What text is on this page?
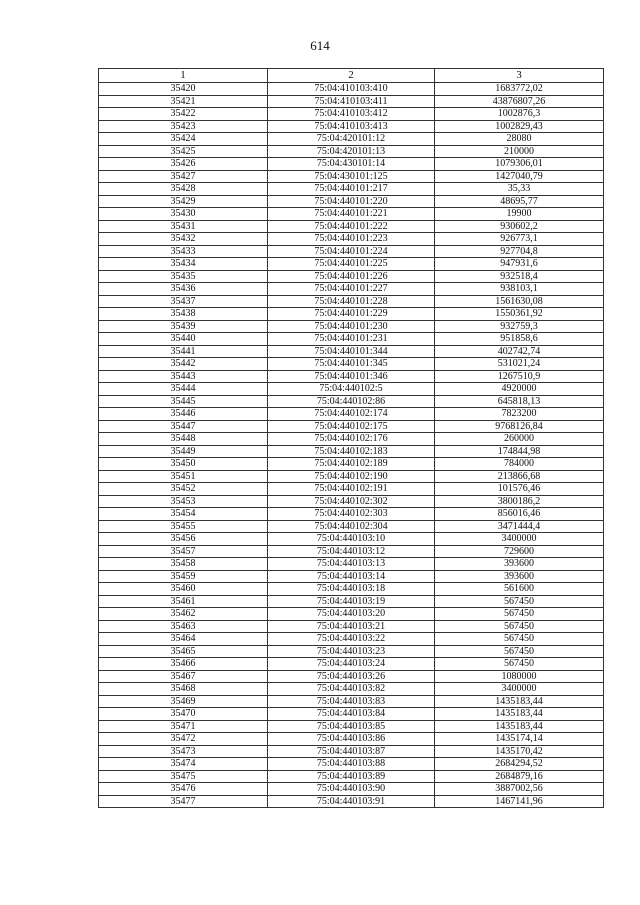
614
1	2	3
35420	75:04:410103:410	1683772,02
35421	75:04:410103:411	43876807,26
35422	75:04:410103:412	1002876,3
35423	75:04:410103:413	1002829,43
35424	75:04:420101:12	28080
35425	75:04:420101:13	210000
35426	75:04:430101:14	1079306,01
35427	75:04:430101:125	1427040,79
35428	75:04:440101:217	35,33
35429	75:04:440101:220	48695,77
35430	75:04:440101:221	19900
35431	75:04:440101:222	930602,2
35432	75:04:440101:223	926773,1
35433	75:04:440101:224	927704,8
35434	75:04:440101:225	947931,6
35435	75:04:440101:226	932518,4
35436	75:04:440101:227	938103,1
35437	75:04:440101:228	1561630,08
35438	75:04:440101:229	1550361,92
35439	75:04:440101:230	932759,3
35440	75:04:440101:231	951858,6
35441	75:04:440101:344	402742,74
35442	75:04:440101:345	531021,24
35443	75:04:440101:346	1267510,9
35444	75:04:440102:5	4920000
35445	75:04:440102:86	645818,13
35446	75:04:440102:174	7823200
35447	75:04:440102:175	9768126,84
35448	75:04:440102:176	260000
35449	75:04:440102:183	174844,98
35450	75:04:440102:189	784000
35451	75:04:440102:190	213866,68
35452	75:04:440102:191	101576,46
35453	75:04:440102:302	3800186,2
35454	75:04:440102:303	856016,46
35455	75:04:440102:304	3471444,4
35456	75:04:440103:10	3400000
35457	75:04:440103:12	729600
35458	75:04:440103:13	393600
35459	75:04:440103:14	393600
35460	75:04:440103:18	561600
35461	75:04:440103:19	567450
35462	75:04:440103:20	567450
35463	75:04:440103:21	567450
35464	75:04:440103:22	567450
35465	75:04:440103:23	567450
35466	75:04:440103:24	567450
35467	75:04:440103:26	1080000
35468	75:04:440103:82	3400000
35469	75:04:440103:83	1435183,44
35470	75:04:440103:84	1435183,44
35471	75:04:440103:85	1435183,44
35472	75:04:440103:86	1435174,14
35473	75:04:440103:87	1435170,42
35474	75:04:440103:88	2684294,52
35475	75:04:440103:89	2684879,16
35476	75:04:440103:90	3887002,56
35477	75:04:440103:91	1467141,96
